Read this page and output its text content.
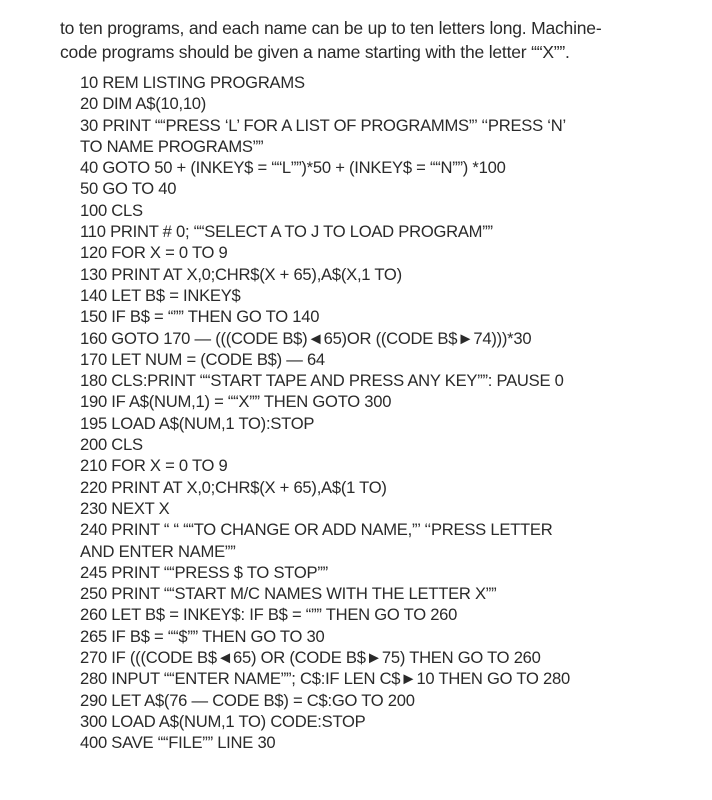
to ten programs, and each name can be up to ten letters long. Machine-
code programs should be given a name starting with the letter ““X””.
10 REM LISTING PROGRAMS
20 DIM A$(10,10)
30 PRINT ““PRESS ‘L’ FOR A LIST OF PROGRAMMS”’ ‘‘PRESS ‘N’
TO NAME PROGRAMS””
40 GOTO 50 + (INKEY$ = ““L””)*50 + (INKEY$ = ““N””) *100
50 GO TO 40
100 CLS
110 PRINT # 0; ““SELECT A TO J TO LOAD PROGRAM””
120 FOR X = 0 TO 9
130 PRINT AT X,0;CHR$(X + 65),A$(X,1 TO)
140 LET B$ = INKEY$
150 IF B$ = “”” THEN GO TO 140
160 GOTO 170 — (((CODE B$)◄65)OR ((CODE B$►74)))*30
170 LET NUM = (CODE B$) — 64
180 CLS:PRINT ““START TAPE AND PRESS ANY KEY””: PAUSE 0
190 IF A$(NUM,1) = ““X”” THEN GOTO 300
195 LOAD A$(NUM,1 TO):STOP
200 CLS
210 FOR X = 0 TO 9
220 PRINT AT X,0;CHR$(X + 65),A$(1 TO)
230 NEXT X
240 PRINT “ “ ““TO CHANGE OR ADD NAME,”’ ‘‘PRESS LETTER
AND ENTER NAME””
245 PRINT ““PRESS $ TO STOP””
250 PRINT ““START M/C NAMES WITH THE LETTER X””
260 LET B$ = INKEY$: IF B$ = “”” THEN GO TO 260
265 IF B$ = ““$”” THEN GO TO 30
270 IF (((CODE B$◄65) OR (CODE B$►75) THEN GO TO 260
280 INPUT ““ENTER NAME””; C$:IF LEN C$►10 THEN GO TO 280
290 LET A$(76 — CODE B$) = C$:GO TO 200
300 LOAD A$(NUM,1 TO) CODE:STOP
400 SAVE ““FILE”” LINE 30
